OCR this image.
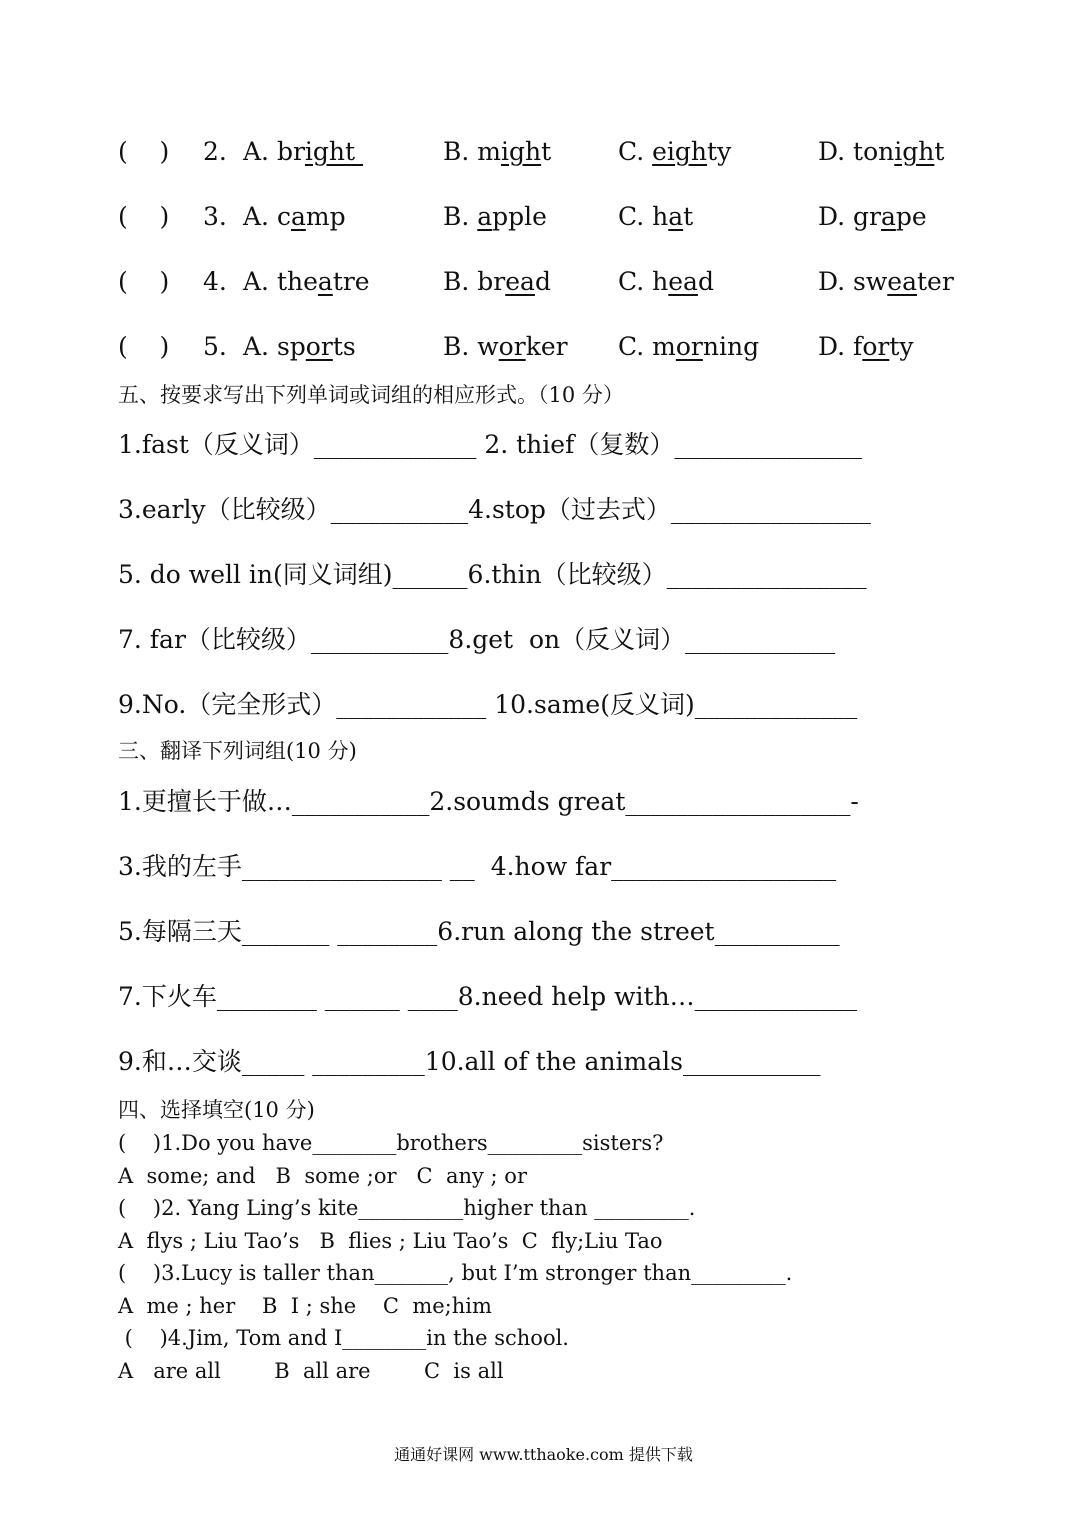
(    ) 2. A. bright	B. might	C. eighty	D. tonight
(    ) 3. A. camp	B. apple	C. hat	D. grape
(    ) 4. A. theatre	B. bread	C. head	D. sweater
(    ) 5. A. sports	B. worker C. morning D. forty
五、按要求写出下列单词或词组的相应形式。（10 分）
1.fast（反义词）_____________ 2. thief（复数）_______________
3.early（比较级）___________4.stop（过去式）________________
5. do well in(同义词组)______6.thin（比较级）________________
7. far（比较级）___________8.get  on（反义词）____________
9.No.（完全形式）____________ 10.same(反义词)_____________
三、翻译下列词组(10 分)
1.更擅长于做…___________2.soumds great__________________-
3.我的左手________________ __  4.how far__________________
5.每隔三天_______ ________6.run along the street__________
7.下火车________ ______ ____8.need help with…_____________
9.和…交谈_____ _________10.all of the animals___________
四、选择填空(10 分)
(    )1.Do you have________brothers_________sisters?
A  some; and   B  some ;or   C  any ; or
(    )2. Yang Ling’s kite__________higher than _________.
A  flys ; Liu Tao’s   B  flies ; Liu Tao’s  C  fly;Liu Tao
(    )3.Lucy is taller than_______, but I’m stronger than_________.
A  me ; her    B  I ; she    C  me;him
(    )4.Jim, Tom and I________in the school.
A   are all        B  all are        C  is all
通通好课网 www.tthaoke.com 提供下载
